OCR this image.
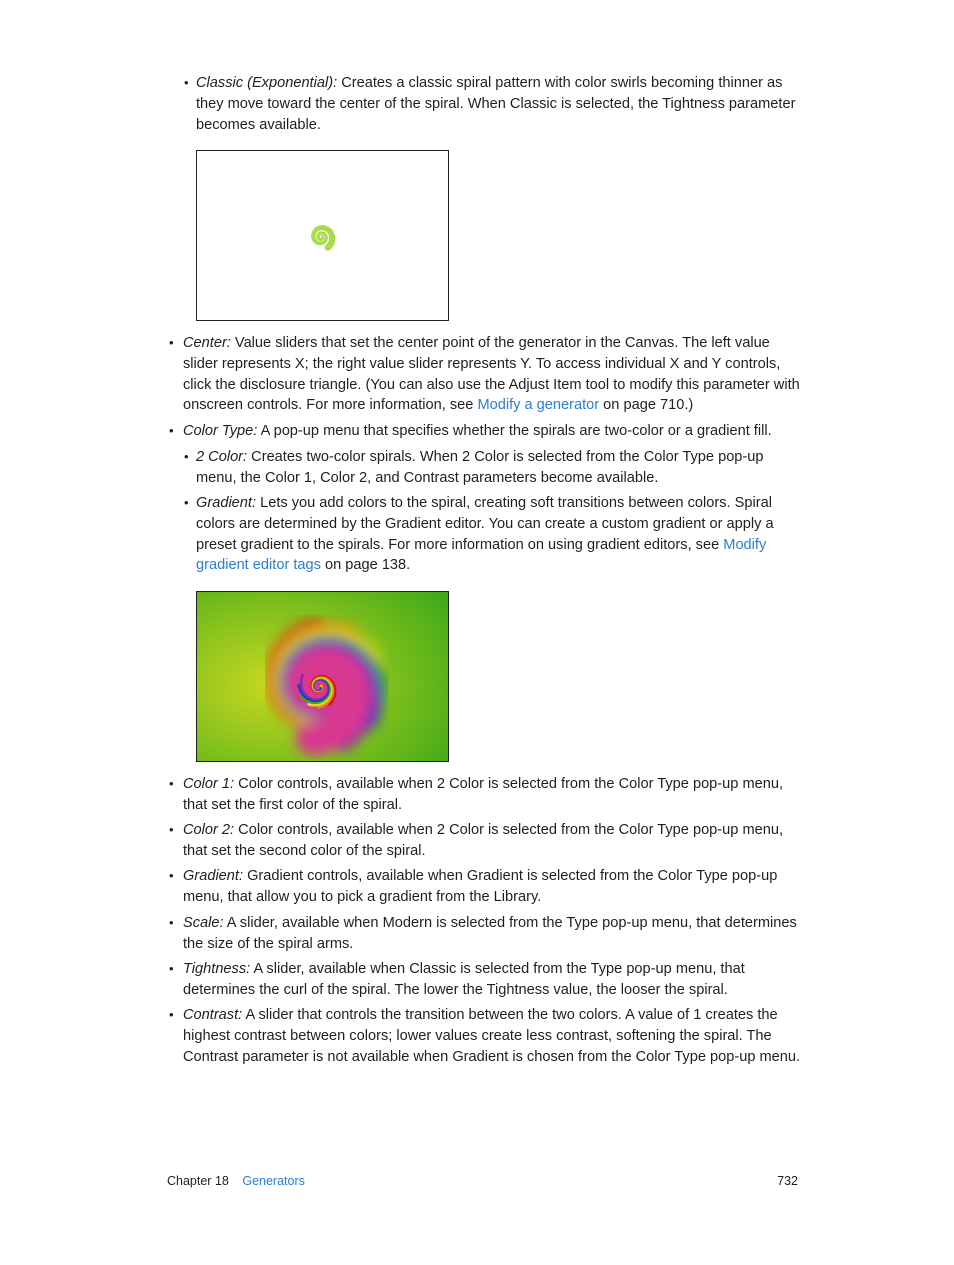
• Classic (Exponential): Creates a classic spiral pattern with color swirls becoming thinner as they move toward the center of the spiral. When Classic is selected, the Tightness parameter becomes available.
• Center: Value sliders that set the center point of the generator in the Canvas. The left value slider represents X; the right value slider represents Y. To access individual X and Y controls, click the disclosure triangle. (You can also use the Adjust Item tool to modify this parameter with onscreen controls. For more information, see Modify a generator on page 710.)
• Color Type: A pop-up menu that specifies whether the spirals are two-color or a gradient fill.
• 2 Color: Creates two-color spirals. When 2 Color is selected from the Color Type pop-up menu, the Color 1, Color 2, and Contrast parameters become available.
• Gradient: Lets you add colors to the spiral, creating soft transitions between colors. Spiral colors are determined by the Gradient editor. You can create a custom gradient or apply a preset gradient to the spirals. For more information on using gradient editors, see Modify gradient editor tags on page 138.
• Color 1: Color controls, available when 2 Color is selected from the Color Type pop-up menu, that set the first color of the spiral.
• Color 2: Color controls, available when 2 Color is selected from the Color Type pop-up menu, that set the second color of the spiral.
• Gradient: Gradient controls, available when Gradient is selected from the Color Type pop-up menu, that allow you to pick a gradient from the Library.
• Scale: A slider, available when Modern is selected from the Type pop-up menu, that determines the size of the spiral arms.
• Tightness: A slider, available when Classic is selected from the Type pop-up menu, that determines the curl of the spiral. The lower the Tightness value, the looser the spiral.
• Contrast: A slider that controls the transition between the two colors. A value of 1 creates the highest contrast between colors; lower values create less contrast, softening the spiral. The Contrast parameter is not available when Gradient is chosen from the Color Type pop-up menu.
Chapter 18 Generators	732
